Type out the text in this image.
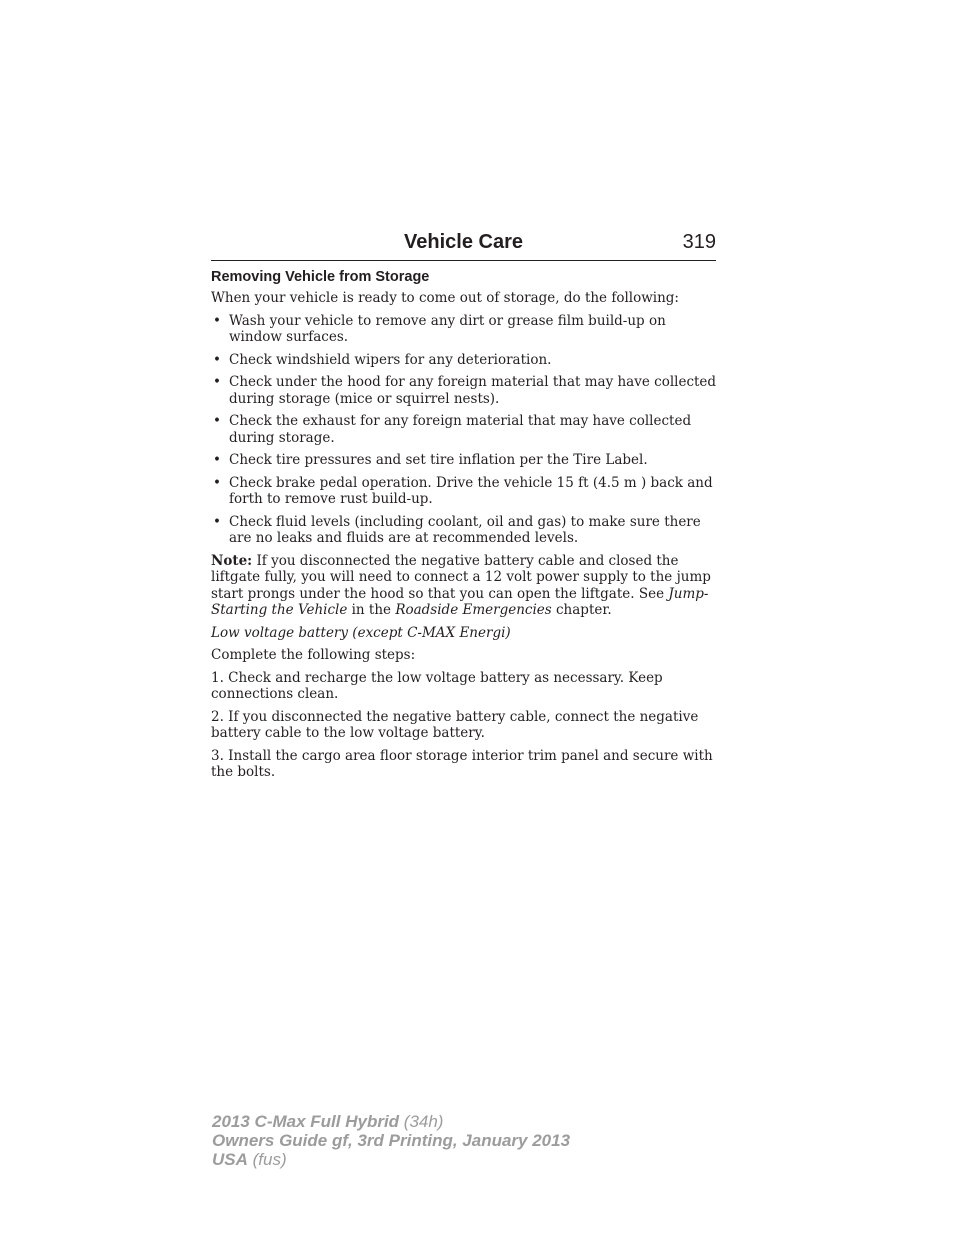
Vehicle Care	319
Removing Vehicle from Storage

When your vehicle is ready to come out of storage, do the following:

• Wash your vehicle to remove any dirt or grease film build-up on window surfaces.
• Check windshield wipers for any deterioration.
• Check under the hood for any foreign material that may have collected during storage (mice or squirrel nests).
• Check the exhaust for any foreign material that may have collected during storage.
• Check tire pressures and set tire inflation per the Tire Label.
• Check brake pedal operation. Drive the vehicle 15 ft (4.5 m ) back and forth to remove rust build-up.
• Check fluid levels (including coolant, oil and gas) to make sure there are no leaks and fluids are at recommended levels.

Note: If you disconnected the negative battery cable and closed the liftgate fully, you will need to connect a 12 volt power supply to the jump start prongs under the hood so that you can open the liftgate. See Jump-Starting the Vehicle in the Roadside Emergencies chapter.

Low voltage battery (except C-MAX Energi)

Complete the following steps:

1. Check and recharge the low voltage battery as necessary. Keep connections clean.

2. If you disconnected the negative battery cable, connect the negative battery cable to the low voltage battery.

3. Install the cargo area floor storage interior trim panel and secure with the bolts.

2013 C-Max Full Hybrid (34h)
Owners Guide gf, 3rd Printing, January 2013
USA (fus)
